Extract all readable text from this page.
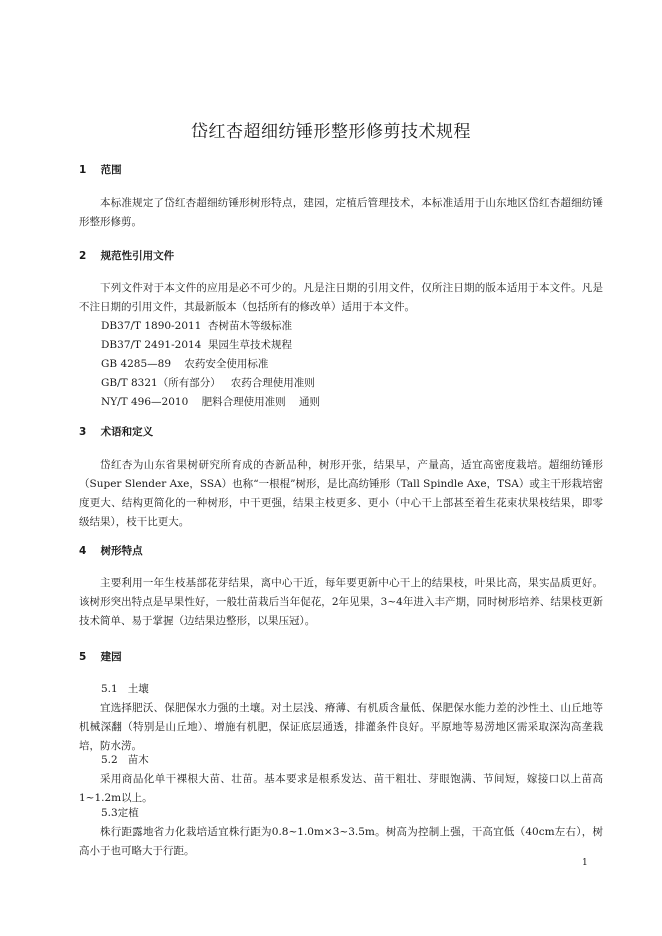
岱红杏超细纺锤形整形修剪技术规程
1 范围

本标准规定了岱红杏超细纺锤形树形特点，建园，定植后管理技术，本标准适用于山东地区岱红杏超细纺锤形整形修剪。

2 规范性引用文件

下列文件对于本文件的应用是必不可少的。凡是注日期的引用文件，仅所注日期的版本适用于本文件。凡是不注日期的引用文件，其最新版本（包括所有的修改单）适用于本文件。

DB37/T 1890-2011  杏树苗木等级标准
DB37/T 2491-2014  果园生草技术规程
GB 4285—89    农药安全使用标准
GB/T 8321（所有部分）   农药合理使用准则
NY/T 496—2010    肥料合理使用准则    通则
3 术语和定义

岱红杏为山东省果树研究所育成的杏新品种，树形开张，结果早，产量高，适宜高密度栽培。超细纺锤形（Super Slender Axe，SSA）也称“一根棍”树形，是比高纺锤形（Tall Spindle Axe，TSA）或主干形栽培密度更大、结构更简化的一种树形，中干更强，结果主枝更多、更小（中心干上部甚至着生花束状果枝结果，即零级结果），枝干比更大。

4 树形特点

主要利用一年生枝基部花芽结果，离中心干近，每年要更新中心干上的结果枝，叶果比高，果实品质更好。该树形突出特点是早果性好，一般壮苗栽后当年促花，2年见果，3~4年进入丰产期，同时树形培养、结果枝更新技术简单、易于掌握（边结果边整形，以果压冠）。

5 建园
5.1   土壤

宜选择肥沃、保肥保水力强的土壤。对土层浅、瘠薄、有机质含量低、保肥保水能力差的沙性土、山丘地等机械深翻（特别是山丘地）、增施有机肥，保证底层通透，排灌条件良好。平原地等易涝地区需采取深沟高垄栽培，防水涝。

5.2   苗木

采用商品化单干裸根大苗、壮苗。基本要求是根系发达、苗干粗壮、芽眼饱满、节间短，嫁接口以上苗高1~1.2m以上。

5.3定植

株行距露地省力化栽培适宜株行距为0.8~1.0m×3~3.5m。树高为控制上强，干高宜低（40cm左右），树高小于也可略大于行距。

1
